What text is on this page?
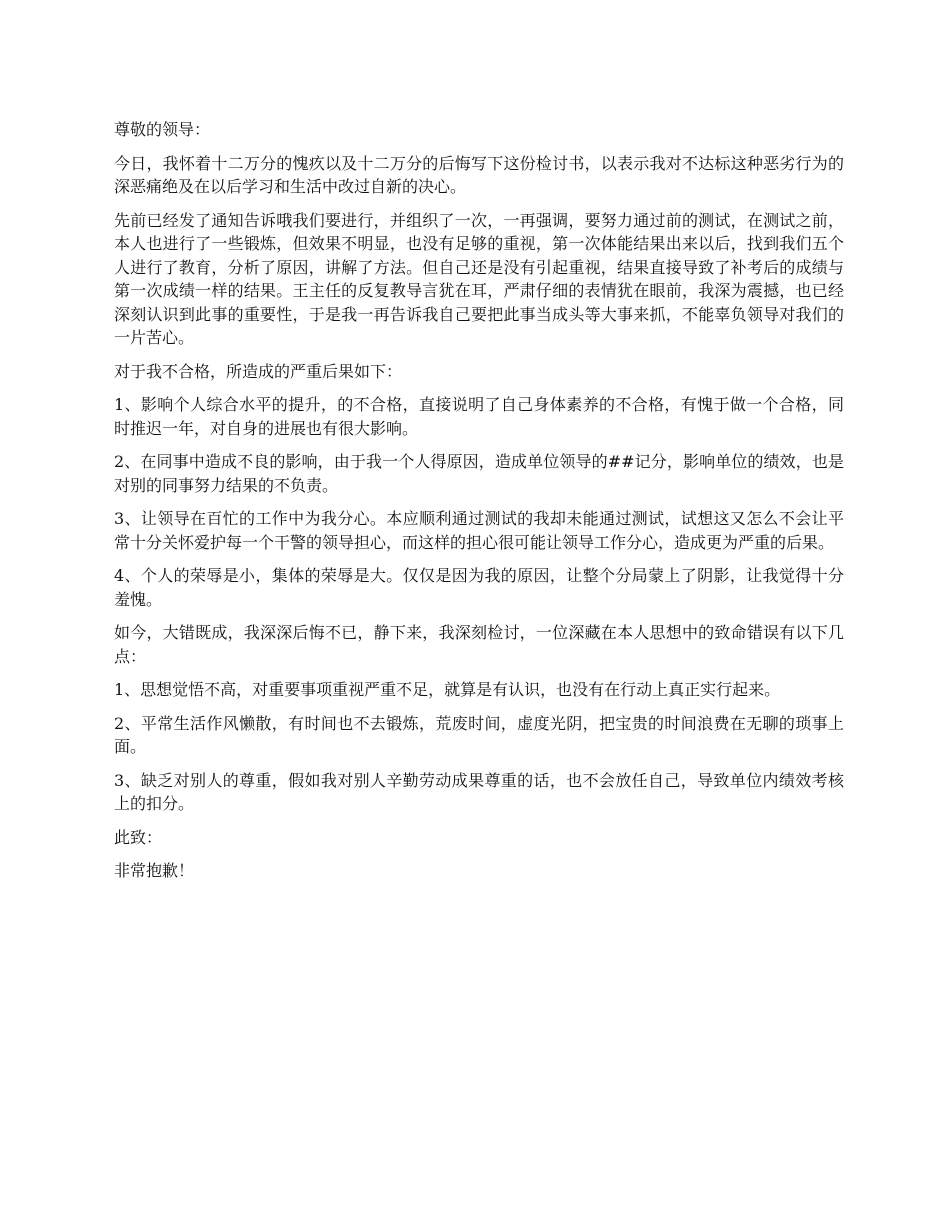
尊敬的领导：

今日，我怀着十二万分的愧疚以及十二万分的后悔写下这份检讨书，以表示我对不达标这种恶劣行为的深恶痛绝及在以后学习和生活中改过自新的决心。

先前已经发了通知告诉哦我们要进行，并组织了一次，一再强调，要努力通过前的测试，在测试之前，本人也进行了一些锻炼，但效果不明显，也没有足够的重视，第一次体能结果出来以后，找到我们五个人进行了教育，分析了原因，讲解了方法。但自己还是没有引起重视，结果直接导致了补考后的成绩与第一次成绩一样的结果。王主任的反复教导言犹在耳，严肃仔细的表情犹在眼前，我深为震撼，也已经深刻认识到此事的重要性，于是我一再告诉我自己要把此事当成头等大事来抓，不能辜负领导对我们的一片苦心。

对于我不合格，所造成的严重后果如下：

1、影响个人综合水平的提升，的不合格，直接说明了自己身体素养的不合格，有愧于做一个合格，同时推迟一年，对自身的进展也有很大影响。

2、在同事中造成不良的影响，由于我一个人得原因，造成单位领导的##记分，影响单位的绩效，也是对别的同事努力结果的不负责。

3、让领导在百忙的工作中为我分心。本应顺利通过测试的我却未能通过测试，试想这又怎么不会让平常十分关怀爱护每一个干警的领导担心，而这样的担心很可能让领导工作分心，造成更为严重的后果。

4、个人的荣辱是小，集体的荣辱是大。仅仅是因为我的原因，让整个分局蒙上了阴影，让我觉得十分羞愧。

如今，大错既成，我深深后悔不已，静下来，我深刻检讨，一位深藏在本人思想中的致命错误有以下几点：

1、思想觉悟不高，对重要事项重视严重不足，就算是有认识，也没有在行动上真正实行起来。

2、平常生活作风懒散，有时间也不去锻炼，荒废时间，虚度光阴，把宝贵的时间浪费在无聊的琐事上面。

3、缺乏对别人的尊重，假如我对别人辛勤劳动成果尊重的话，也不会放任自己，导致单位内绩效考核上的扣分。

此致：

非常抱歉！
